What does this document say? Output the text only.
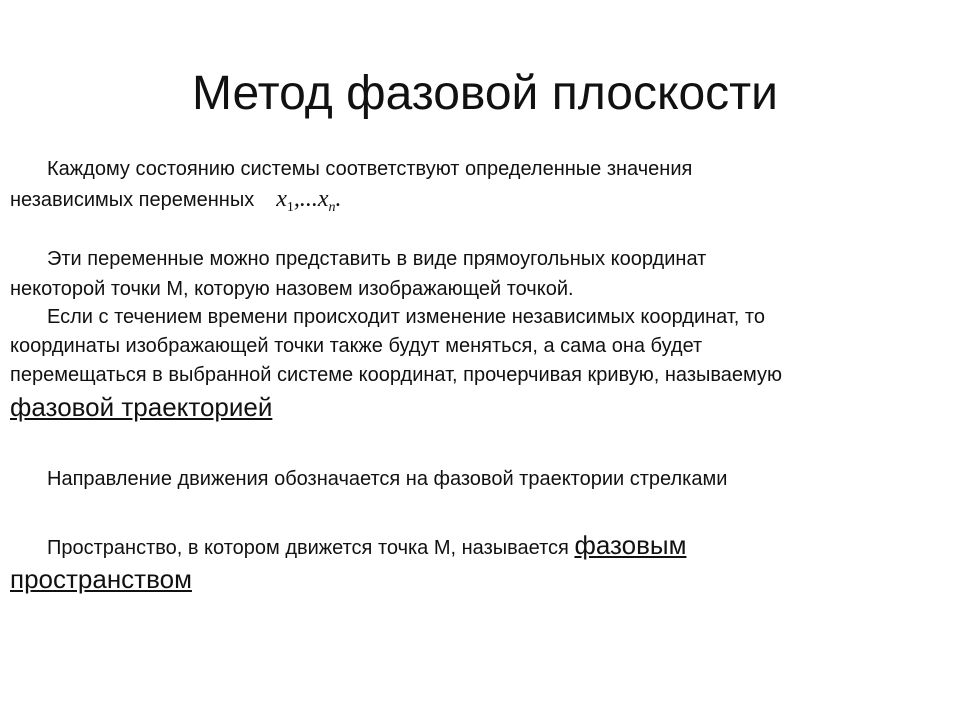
Метод фазовой плоскости
Каждому состоянию системы соответствуют определенные значения
независимых переменных $x_1,...x_n$.
Эти переменные можно представить в виде прямоугольных координат
некоторой точки М, которую назовем изображающей точкой.
Если с течением времени происходит изменение независимых координат, то
координаты изображающей точки также будут меняться, а сама она будет
перемещаться в выбранной системе координат, прочерчивая кривую, называемую
фазовой траекторией
Направление движения обозначается на фазовой траектории стрелками
Пространство, в котором движется точка М, называется фазовым
пространством
